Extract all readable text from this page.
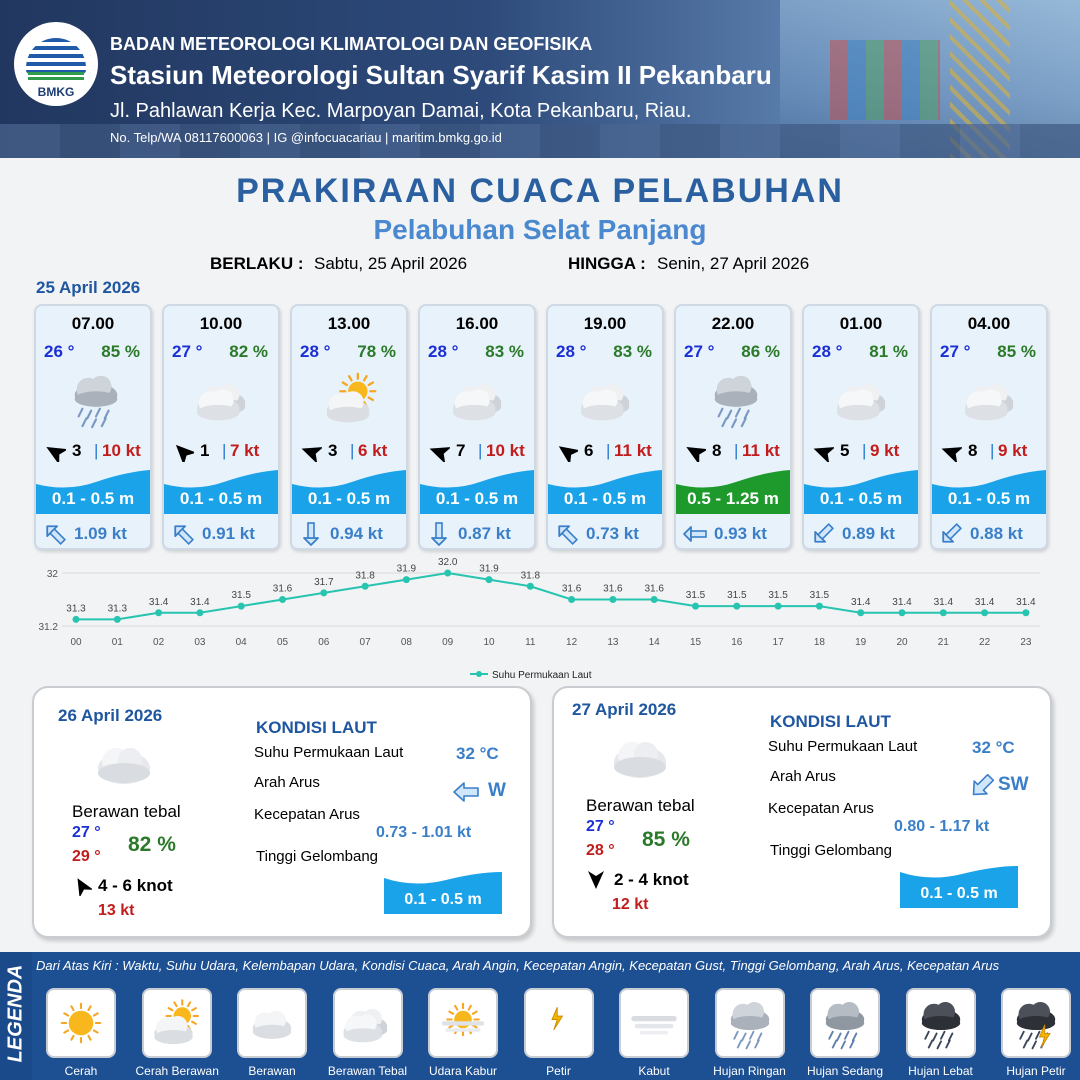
BMKG
BADAN METEOROLOGI KLIMATOLOGI DAN GEOFISIKA
Stasiun Meteorologi Sultan Syarif Kasim II Pekanbaru
Jl. Pahlawan Kerja Kec. Marpoyan Damai, Kota Pekanbaru, Riau.
No. Telp/WA 08117600063 | IG @infocuacariau | maritim.bmkg.go.id
PRAKIRAAN CUACA PELABUHAN
Pelabuhan Selat Panjang
BERLAKU : Sabtu, 25 April 2026	HINGGA : Senin, 27 April 2026
25 April 2026
07.00
26 ° 85 %
3 | 10 kt
0.1 - 0.5 m
1.09 kt
10.00
27 ° 82 %
1 | 7 kt
0.1 - 0.5 m
0.91 kt
13.00
28 ° 78 %
3 | 6 kt
0.1 - 0.5 m
0.94 kt
16.00
28 ° 83 %
7 | 10 kt
0.1 - 0.5 m
0.87 kt
19.00
28 ° 83 %
6 | 11 kt
0.1 - 0.5 m
0.73 kt
22.00
27 ° 86 %
8 | 11 kt
0.5 - 1.25 m
0.93 kt
01.00
28 ° 81 %
5 | 9 kt
0.1 - 0.5 m
0.89 kt
04.00
27 ° 85 %
8 | 9 kt
0.1 - 0.5 m
0.88 kt
32
31.2
31.3
00
31.3
01
31.4
02
31.4
03
31.5
04
31.6
05
31.7
06
31.8
07
31.9
08
32.0
09
31.9
10
31.8
11
31.6
12
31.6
13
31.6
14
31.5
15
31.5
16
31.5
17
31.5
18
31.4
19
31.4
20
31.4
21
31.4
22
31.4
23
Suhu Permukaan Laut
26 April 2026
Berawan tebal
27 °
29 °
82 %
4 - 6 knot
13 kt
KONDISI LAUT
Suhu Permukaan Laut	32 °C
Arah Arus	W
Kecepatan Arus
0.73 - 1.01 kt
Tinggi Gelombang
0.1 - 0.5 m
27 April 2026
Berawan tebal
27 °
28 ° 85 %
2 - 4 knot
12 kt
KONDISI LAUT
Suhu Permukaan Laut	32 °C
Arah Arus	SW
Kecepatan Arus
0.80 - 1.17 kt
Tinggi Gelombang
0.1 - 0.5 m
LEGENDA Dari Atas Kiri : Waktu, Suhu Udara, Kelembapan Udara, Kondisi Cuaca, Arah Angin, Kecepatan Angin, Kecepatan Gust, Tinggi Gelombang, Arah Arus, Kecepatan Arus
Cerah	Cerah Berawan	Berawan	Berawan Tebal	Udara Kabur	Petir	Kabut	Hujan Ringan	Hujan Sedang	Hujan Lebat	Hujan Petir
